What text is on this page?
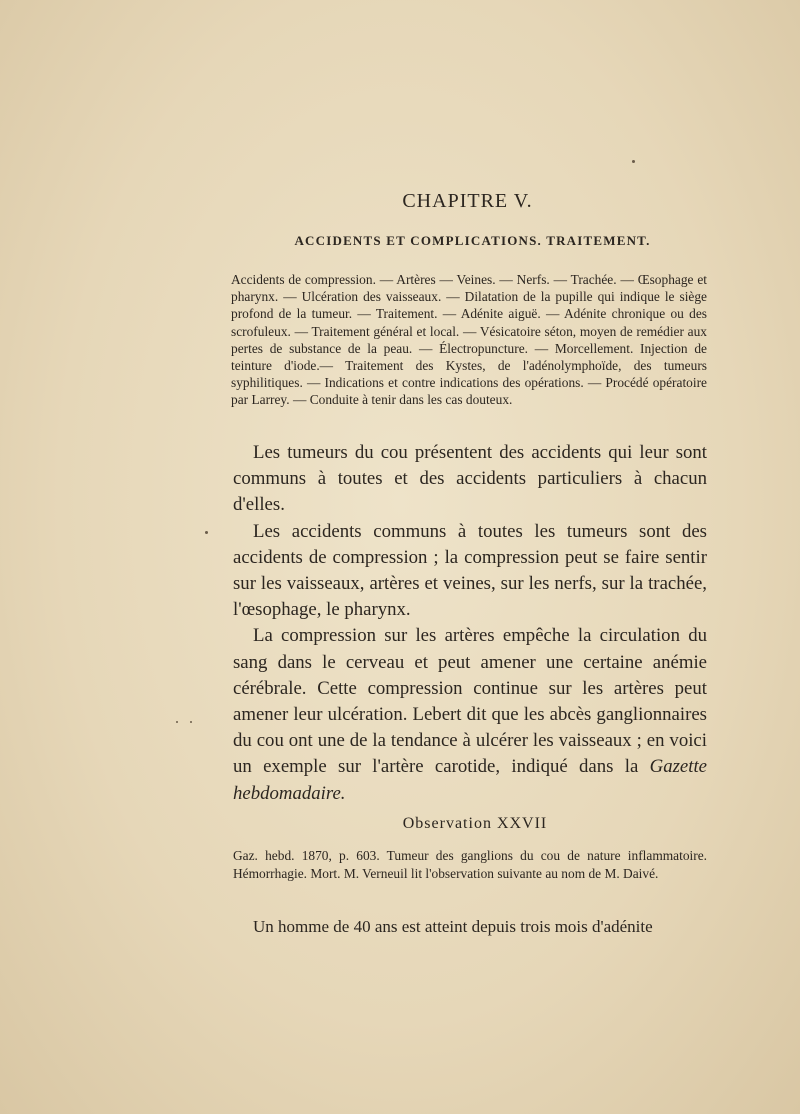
CHAPITRE V.
ACCIDENTS ET COMPLICATIONS. TRAITEMENT.

Accidents de compression. — Artères — Veines. — Nerfs. — Trachée. — Œsophage et pharynx. — Ulcération des vaisseaux. — Dilatation de la pupille qui indique le siège profond de la tumeur. — Traitement. — Adénite aiguë. — Adénite chronique ou des scrofuleux. — Traitement général et local. — Vésicatoire séton, moyen de remédier aux pertes de substance de la peau. — Électropuncture. — Morcellement. Injection de teinture d'iode.— Traitement des Kystes, de l'adénolymphoïde, des tumeurs syphilitiques. — Indications et contre indications des opérations. — Procédé opératoire par Larrey. — Conduite à tenir dans les cas douteux.

Les tumeurs du cou présentent des accidents qui leur sont communs à toutes et des accidents particuliers à chacun d'elles.

Les accidents communs à toutes les tumeurs sont des accidents de compression ; la compression peut se faire sentir sur les vaisseaux, artères et veines, sur les nerfs, sur la trachée, l'œsophage, le pharynx.

La compression sur les artères empêche la circulation du sang dans le cerveau et peut amener une certaine anémie cérébrale. Cette compression continue sur les artères peut amener leur ulcération. Lebert dit que les abcès ganglionnaires du cou ont une de la tendance à ulcérer les vaisseaux ; en voici un exemple sur l'artère carotide, indiqué dans la Gazette hebdomadaire.

Observation XXVII

Gaz. hebd. 1870, p. 603. Tumeur des ganglions du cou de nature inflammatoire. Hémorrhagie. Mort. M. Verneuil lit l'observation suivante au nom de M. Daivé.

Un homme de 40 ans est atteint depuis trois mois d'adénite
